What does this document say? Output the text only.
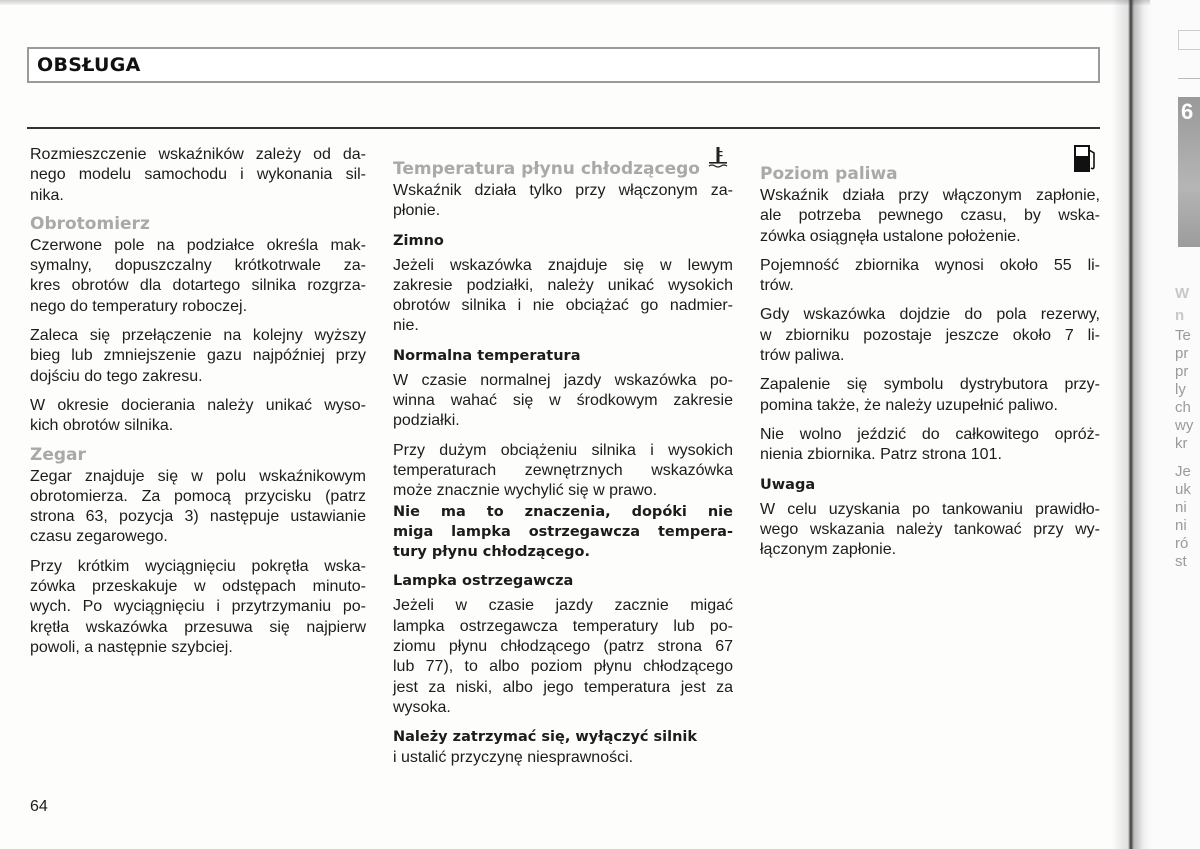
OBSŁUGA
Rozmieszczenie wskaźników zależy od da-
nego modelu samochodu i wykonania sil-
nika.
Obrotomierz
Czerwone pole na podziałce określa mak-
symalny, dopuszczalny krótkotrwale za-
kres obrotów dla dotartego silnika rozgrza-
nego do temperatury roboczej.
Zaleca się przełączenie na kolejny wyższy
bieg lub zmniejszenie gazu najpóźniej przy
dojściu do tego zakresu.
W okresie docierania należy unikać wyso-
kich obrotów silnika.
Zegar
Zegar znajduje się w polu wskaźnikowym
obrotomierza. Za pomocą przycisku (patrz
strona 63, pozycja 3) następuje ustawianie
czasu zegarowego.
Przy krótkim wyciągnięciu pokrętła wska-
zówka przeskakuje w odstępach minuto-
wych. Po wyciągnięciu i przytrzymaniu po-
krętła wskazówka przesuwa się najpierw
powoli, a następnie szybciej.
Temperatura płynu chłodzącego
Wskaźnik działa tylko przy włączonym za-
płonie.
Zimno
Jeżeli wskazówka znajduje się w lewym
zakresie podziałki, należy unikać wysokich
obrotów silnika i nie obciążać go nadmier-
nie.
Normalna temperatura
W czasie normalnej jazdy wskazówka po-
winna wahać się w środkowym zakresie
podziałki.
Przy dużym obciążeniu silnika i wysokich
temperaturach zewnętrznych wskazówka
może znacznie wychylić się w prawo.
Nie ma to znaczenia, dopóki nie
miga lampka ostrzegawcza tempera-
tury płynu chłodzącego.
Lampka ostrzegawcza
Jeżeli w czasie jazdy zacznie migać
lampka ostrzegawcza temperatury lub po-
ziomu płynu chłodzącego (patrz strona 67
lub 77), to albo poziom płynu chłodzącego
jest za niski, albo jego temperatura jest za
wysoka.
Należy zatrzymać się, wyłączyć silnik
i ustalić przyczynę niesprawności.
Poziom paliwa
Wskaźnik działa przy włączonym zapłonie,
ale potrzeba pewnego czasu, by wska-
zówka osiągnęła ustalone położenie.
Pojemność zbiornika wynosi około 55 li-
trów.
Gdy wskazówka dojdzie do pola rezerwy,
w zbiorniku pozostaje jeszcze około 7 li-
trów paliwa.
Zapalenie się symbolu dystrybutora przy-
pomina także, że należy uzupełnić paliwo.
Nie wolno jeździć do całkowitego opróż-
nienia zbiornika. Patrz strona 101.
Uwaga
W celu uzyskania po tankowaniu prawidło-
wego wskazania należy tankować przy wy-
łączonym zapłonie.
64
6
W
n
Te
pr
pr
ly
ch
wy
kr
Je
uk
ni
ni
ró
st
